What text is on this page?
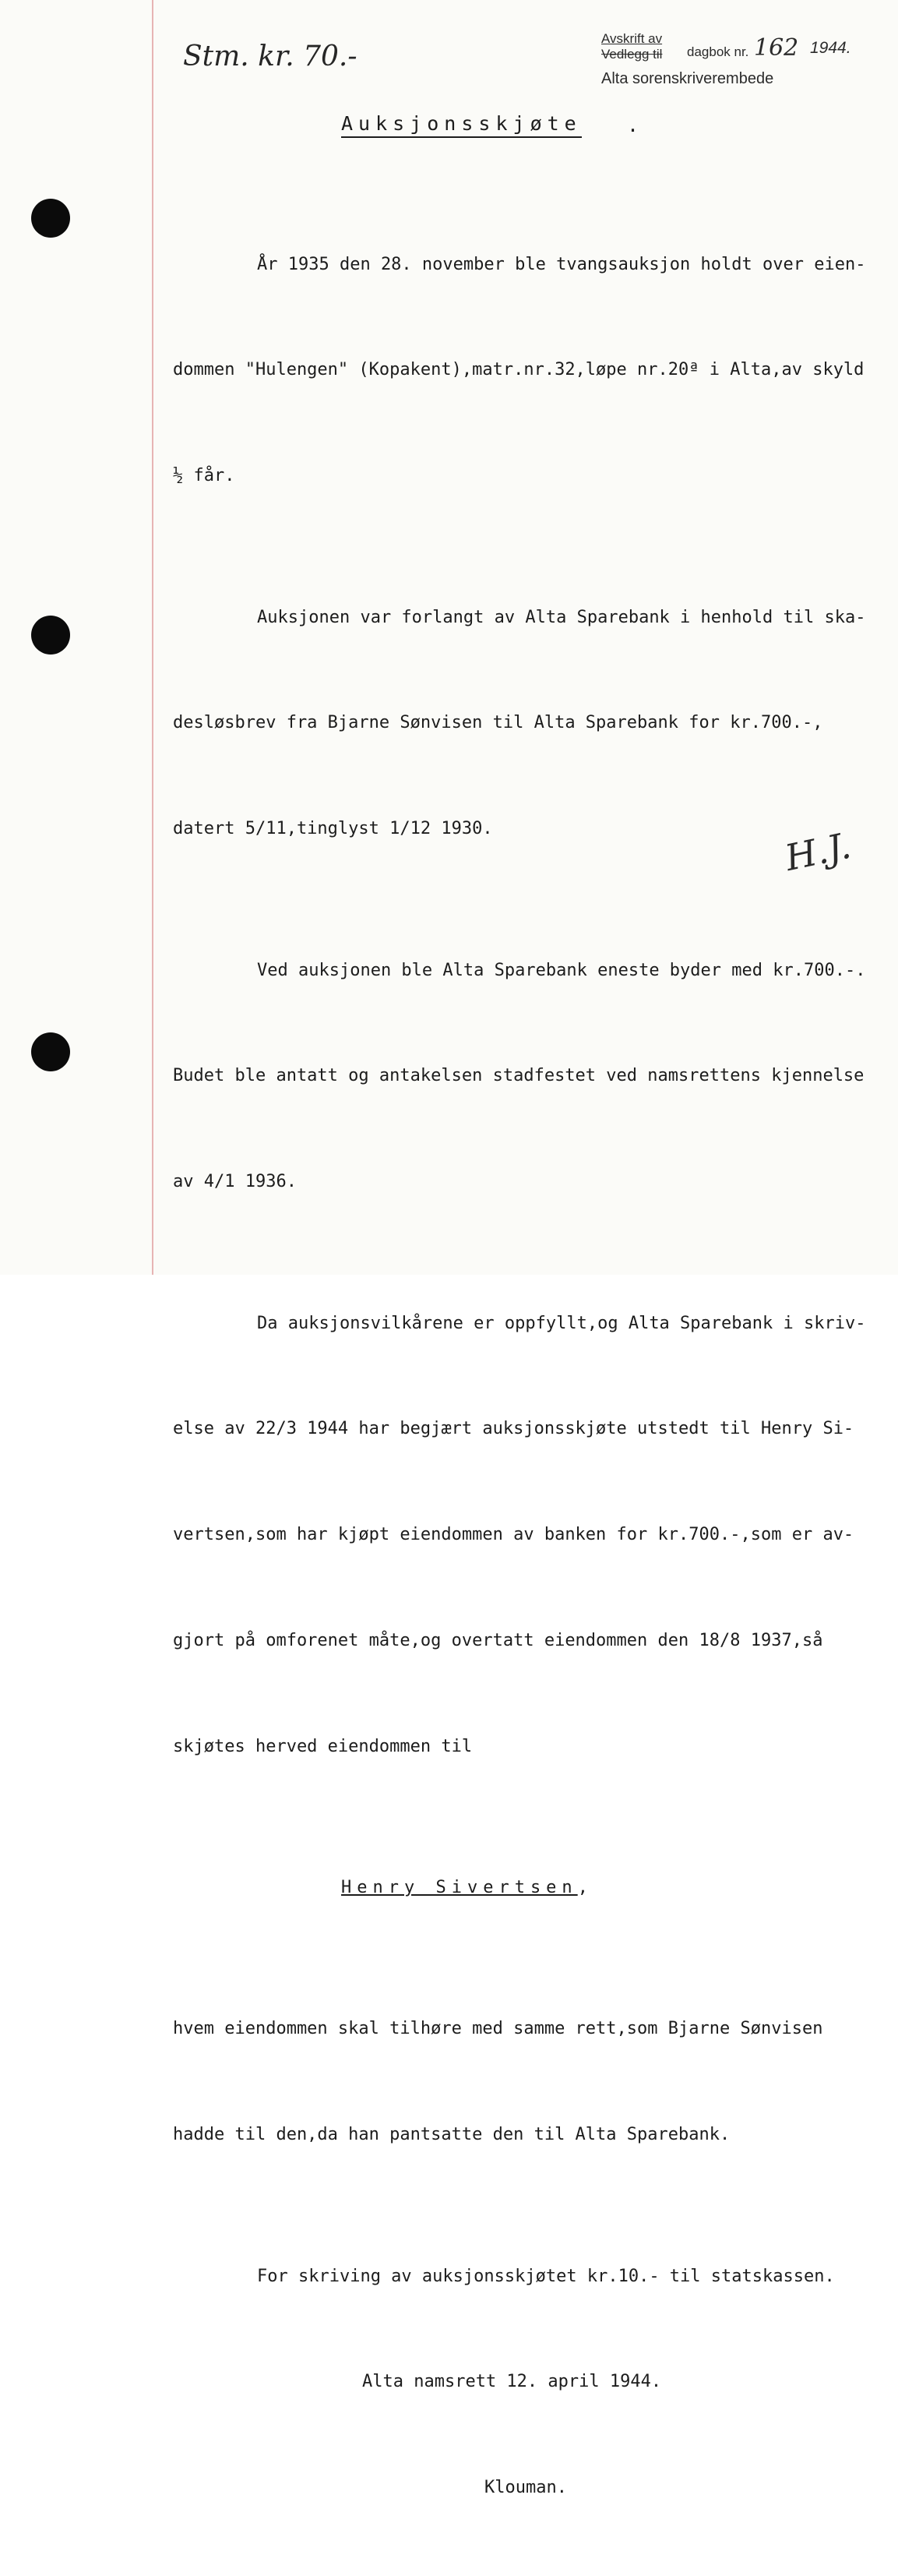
Stm. kr. 70.-
Avskrift av
Vedlegg til dagbok nr. 162 1944.
Alta sorenskriverembede
Auksjonsskjøte .

År 1935 den 28. november ble tvangsauksjon holdt over eien-

dommen "Hulengen" (Kopakent),matr.nr.32,løpe nr.20ª i Alta,av skyld

½ får.

Auksjonen var forlangt av Alta Sparebank i henhold til ska-

desløsbrev fra Bjarne Sønvisen til Alta Sparebank for kr.700.-,

datert 5/11,tinglyst 1/12 1930.

Ved auksjonen ble Alta Sparebank eneste byder med kr.700.-.

Budet ble antatt og antakelsen stadfestet ved namsrettens kjennelse

av 4/1 1936.

Da auksjonsvilkårene er oppfyllt,og Alta Sparebank i skriv-

else av 22/3 1944 har begjært auksjonsskjøte utstedt til Henry Si-

vertsen,som har kjøpt eiendommen av banken for kr.700.-,som er av-

gjort på omforenet måte,og overtatt eiendommen den 18/8 1937,så

skjøtes herved eiendommen til

Henry Sivertsen,

hvem eiendommen skal tilhøre med samme rett,som Bjarne Sønvisen

hadde til den,da han pantsatte den til Alta Sparebank.

For skriving av auksjonsskjøtet kr.10.- til statskassen.

Alta namsrett 12. april 1944.

Klouman.

H.J.
